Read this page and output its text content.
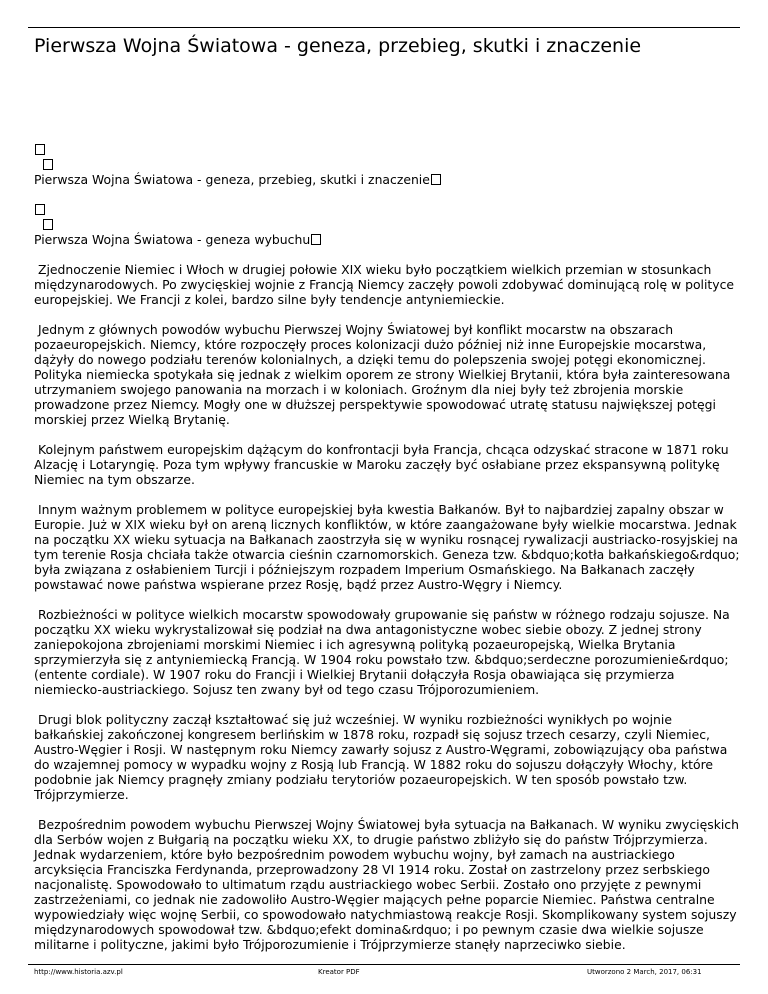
Pierwsza Wojna Światowa - geneza, przebieg, skutki i znaczenie
Pierwsza Wojna Światowa - geneza, przebieg, skutki i znaczenie
Pierwsza Wojna Światowa - geneza wybuchu

Zjednoczenie Niemiec i Włoch w drugiej połowie XIX wieku było początkiem wielkich przemian w stosunkach międzynarodowych. Po zwycięskiej wojnie z Francją Niemcy zaczęły powoli zdobywać dominującą rolę w polityce europejskiej. We Francji z kolei, bardzo silne były tendencje antyniemieckie.

Jednym z głównych powodów wybuchu Pierwszej Wojny Światowej był konflikt mocarstw na obszarach pozaeuropejskich. Niemcy, które rozpoczęły proces kolonizacji dużo później niż inne Europejskie mocarstwa, dążyły do nowego podziału terenów kolonialnych, a dzięki temu do polepszenia swojej potęgi ekonomicznej. Polityka niemiecka spotykała się jednak z wielkim oporem ze strony Wielkiej Brytanii, która była zainteresowana utrzymaniem swojego panowania na morzach i w koloniach. Groźnym dla niej były też zbrojenia morskie prowadzone przez Niemcy. Mogły one w dłuższej perspektywie spowodować utratę statusu największej potęgi morskiej przez Wielką Brytanię.

Kolejnym państwem europejskim dążącym do konfrontacji była Francja, chcąca odzyskać stracone w 1871 roku Alzację i Lotaryngię. Poza tym wpływy francuskie w Maroku zaczęły być osłabiane przez ekspansywną politykę Niemiec na tym obszarze.

Innym ważnym problemem w polityce europejskiej była kwestia Bałkanów. Był to najbardziej zapalny obszar w Europie. Już w XIX wieku był on areną licznych konfliktów, w które zaangażowane były wielkie mocarstwa. Jednak na początku XX wieku sytuacja na Bałkanach zaostrzyła się w wyniku rosnącej rywalizacji austriacko-rosyjskiej na tym terenie Rosja chciała także otwarcia cieśnin czarnomorskich. Geneza tzw. &bdquo;kotła bałkańskiego&rdquo; była związana z osłabieniem Turcji i późniejszym rozpadem Imperium Osmańskiego. Na Bałkanach zaczęły powstawać nowe państwa wspierane przez Rosję, bądź przez Austro-Węgry i Niemcy.

Rozbieżności w polityce wielkich mocarstw spowodowały grupowanie się państw w różnego rodzaju sojusze. Na początku XX wieku wykrystalizował się podział na dwa antagonistyczne wobec siebie obozy. Z jednej strony zaniepokojona zbrojeniami morskimi Niemiec i ich agresywną polityką pozaeuropejską, Wielka Brytania sprzymierzyła się z antyniemiecką Francją. W 1904 roku powstało tzw. &bdquo;serdeczne porozumienie&rdquo; (entente cordiale). W 1907 roku do Francji i Wielkiej Brytanii dołączyła Rosja obawiająca się przymierza niemiecko-austriackiego. Sojusz ten zwany był od tego czasu Trójporozumieniem.

Drugi blok polityczny zaczął kształtować się już wcześniej. W wyniku rozbieżności wynikłych po wojnie bałkańskiej zakończonej kongresem berlińskim w 1878 roku, rozpadł się sojusz trzech cesarzy, czyli Niemiec, Austro-Węgier i Rosji. W następnym roku Niemcy zawarły sojusz z Austro-Węgrami, zobowiązujący oba państwa do wzajemnej pomocy w wypadku wojny z Rosją lub Francją. W 1882 roku do sojuszu dołączyły Włochy, które podobnie jak Niemcy pragnęły zmiany podziału terytoriów pozaeuropejskich. W ten sposób powstało tzw. Trójprzymierze.

Bezpośrednim powodem wybuchu Pierwszej Wojny Światowej była sytuacja na Bałkanach. W wyniku zwycięskich dla Serbów wojen z Bułgarią na początku wieku XX, to drugie państwo zbliżyło się do państw Trójprzymierza. Jednak wydarzeniem, które było bezpośrednim powodem wybuchu wojny, był zamach na austriackiego arcyksięcia Franciszka Ferdynanda, przeprowadzony 28 VI 1914 roku. Został on zastrzelony przez serbskiego nacjonalistę. Spowodowało to ultimatum rządu austriackiego wobec Serbii. Zostało ono przyjęte z pewnymi zastrzeżeniami, co jednak nie zadowoliło Austro-Węgier mających pełne poparcie Niemiec. Państwa centralne wypowiedziały więc wojnę Serbii, co spowodowało natychmiastową reakcje Rosji. Skomplikowany system sojuszy międzynarodowych spowodował tzw. &bdquo;efekt domina&rdquo; i po pewnym czasie dwa wielkie sojusze militarne i polityczne, jakimi było Trójporozumienie i Trójprzymierze stanęły naprzeciwko siebie.

http://www.historia.azv.pl	Kreator PDF	Utworzono 2 March, 2017, 06:31
